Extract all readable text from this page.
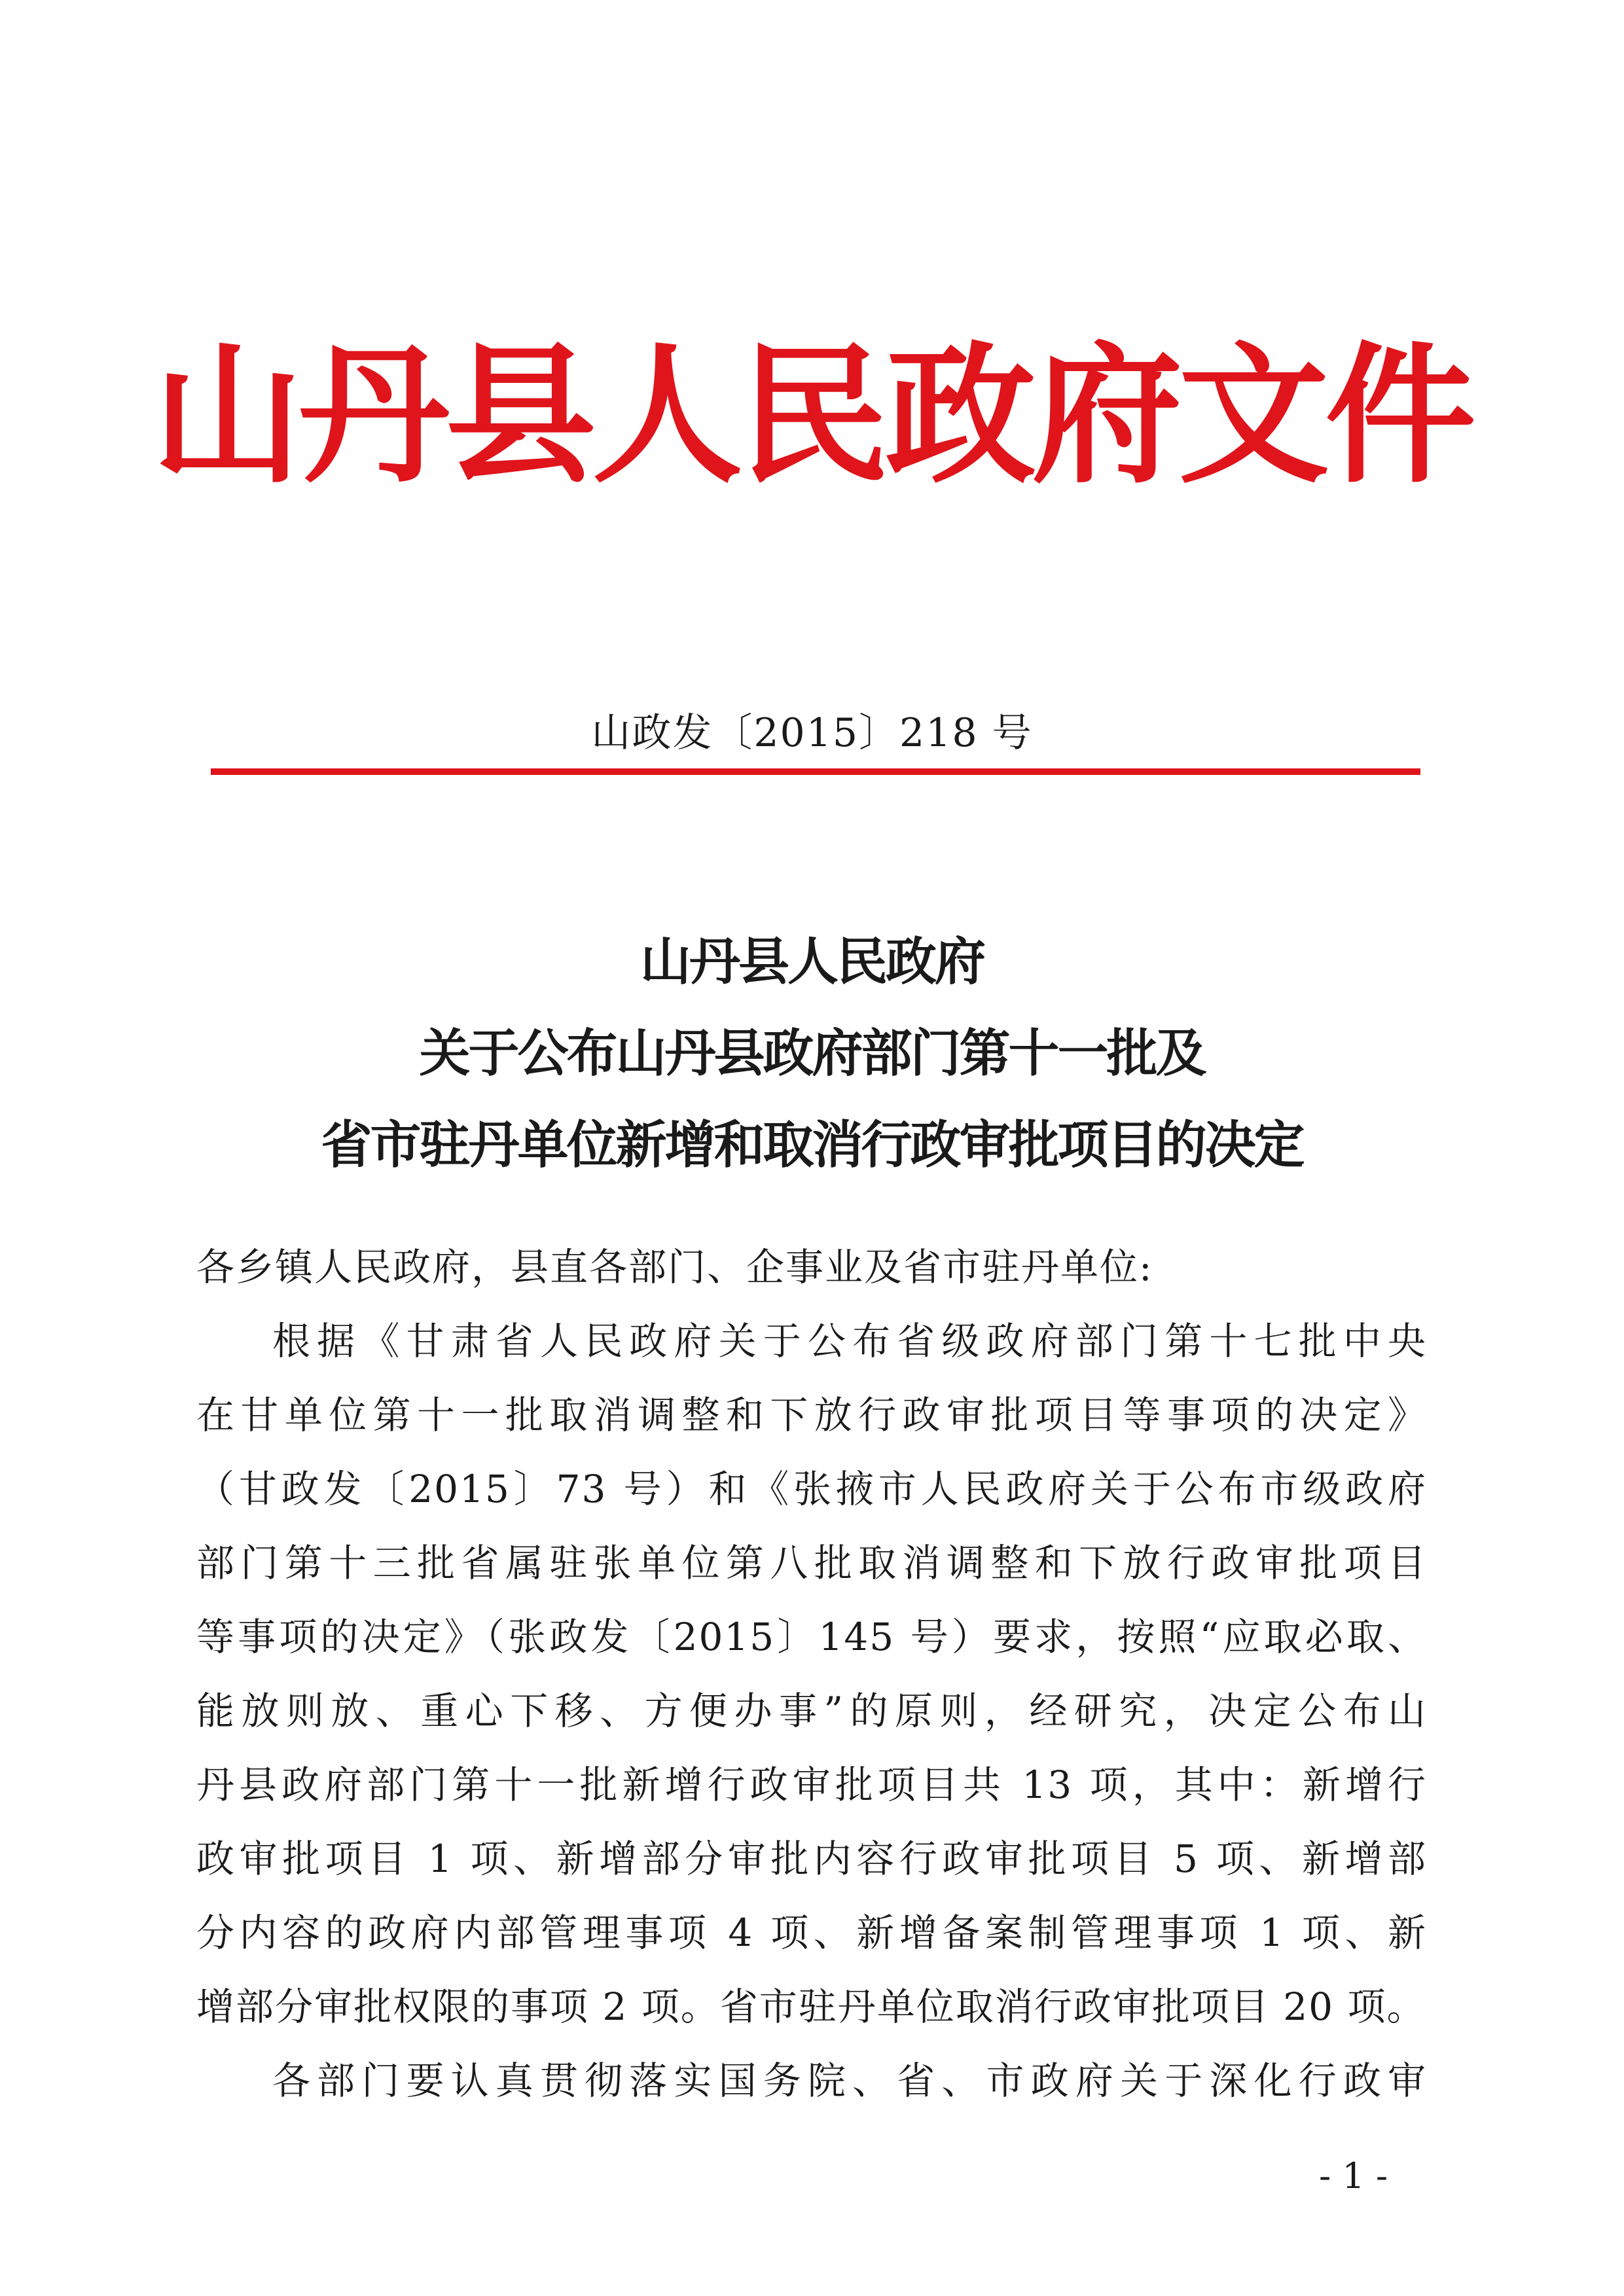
山丹县人民政府文件
山政发〔2015〕218 号
山丹县人民政府
关于公布山丹县政府部门第十一批及
省市驻丹单位新增和取消行政审批项目的决定

各乡镇人民政府，县直各部门、企事业及省市驻丹单位:

根据《甘肃省人民政府关于公布省级政府部门第十七批中央
在甘单位第十一批取消调整和下放行政审批项目等事项的决定》
（甘政发〔2015〕73 号）和《张掖市人民政府关于公布市级政府
部门第十三批省属驻张单位第八批取消调整和下放行政审批项目
等事项的决定》（张政发〔2015〕145 号）要求，按照“应取必取、
能放则放、重心下移、方便办事”的原则，经研究，决定公布山
丹县政府部门第十一批新增行政审批项目共 13 项，其中：新增行
政审批项目 1 项、新增部分审批内容行政审批项目 5 项、新增部
分内容的政府内部管理事项 4 项、新增备案制管理事项 1 项、新
增部分审批权限的事项 2 项。省市驻丹单位取消行政审批项目 20 项。
各部门要认真贯彻落实国务院、省、市政府关于深化行政审
- 1 -
